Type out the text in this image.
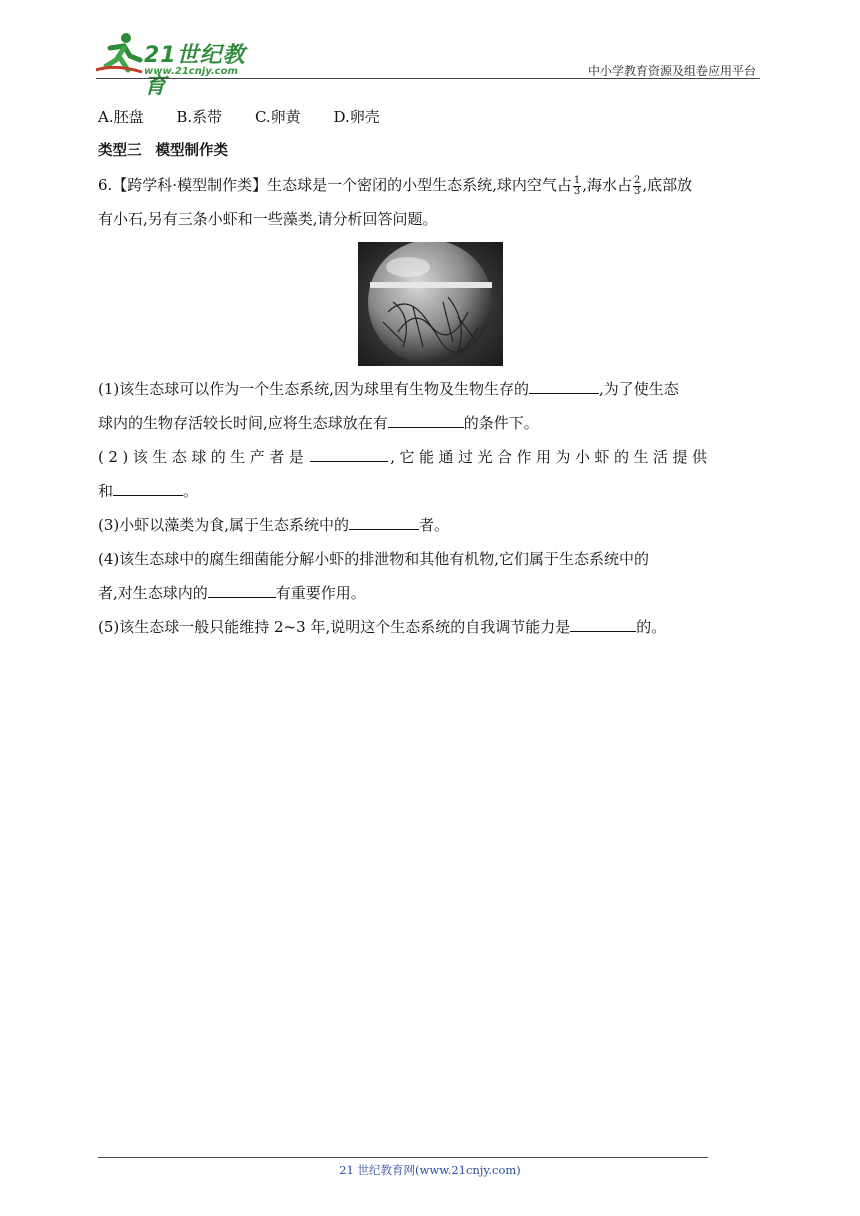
21世纪教育
www.21cnjy.com	中小学教育资源及组卷应用平台
A.胚盘 B.系带 C.卵黄 D.卵壳
类型三 模型制作类
6.【跨学科·模型制作类】生态球是一个密闭的小型生态系统,球内空气占 $\frac{1}{3}$ ,海水占 $\frac{2}{3}$ ,底部放
有小石,另有三条小虾和一些藻类,请分析回答问题。
(1)该生态球可以作为一个生态系统,因为球里有生物及生物生存的	,为了使生态
球内的生物存活较长时间,应将生态球放在有	的条件下。
(2)该生态球的生产者是	,它能通过光合作用为小虾的生活提供
和	。
(3)小虾以藻类为食,属于生态系统中的	者。
(4)该生态球中的腐生细菌能分解小虾的排泄物和其他有机物,它们属于生态系统中的
者,对生态球内的	有重要作用。
(5)该生态球一般只能维持 2~3 年,说明这个生态系统的自我调节能力是	的。
21 世纪教育网(www.21cnjy.com)
